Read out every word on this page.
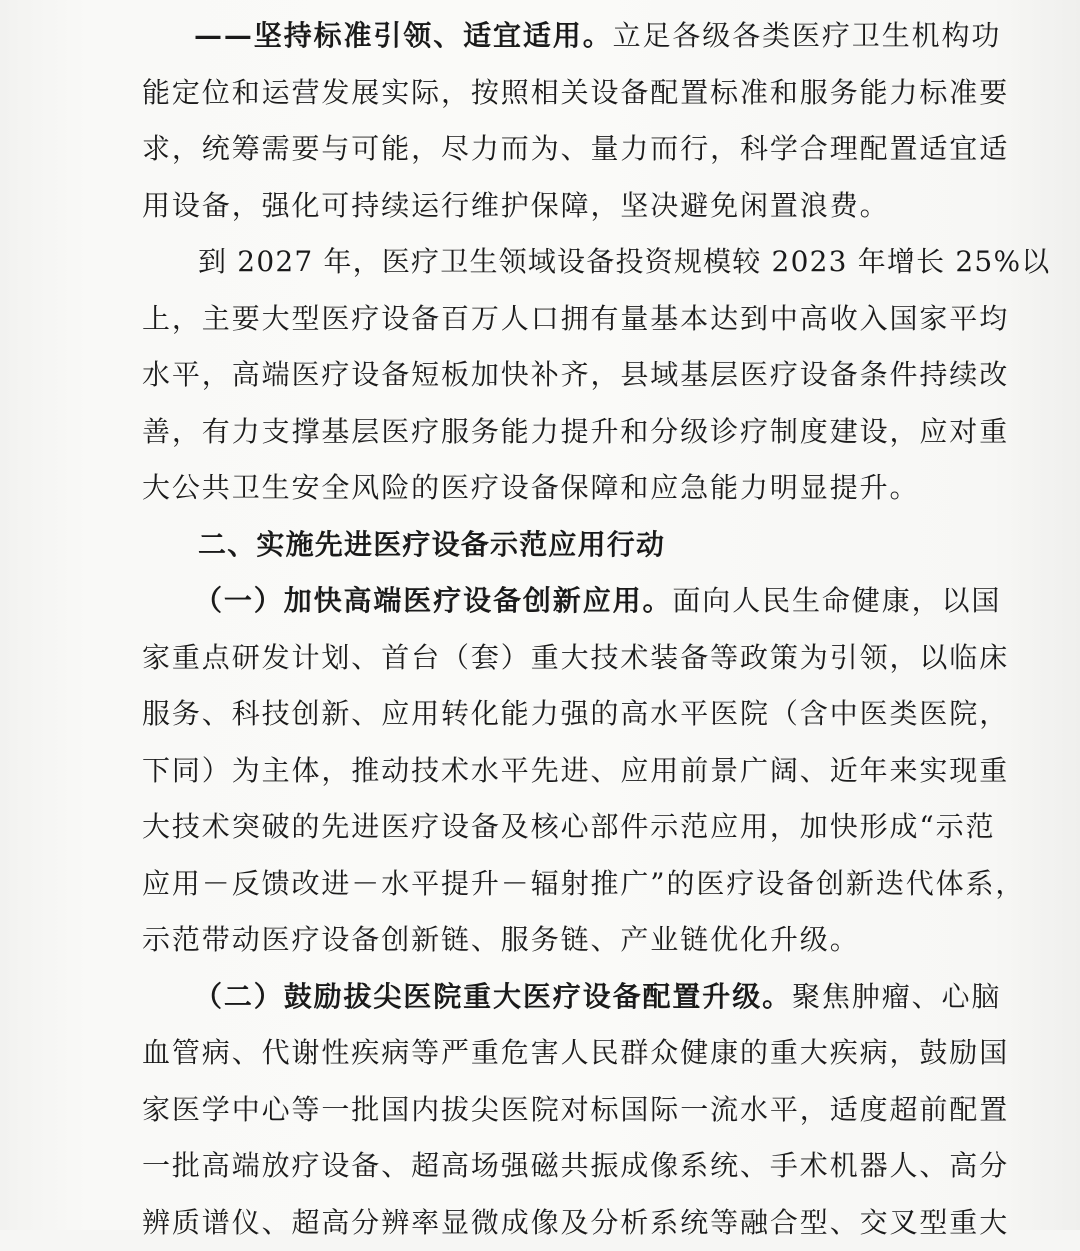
——坚持标准引领、适宜适用。立足各级各类医疗卫生机构功
能定位和运营发展实际，按照相关设备配置标准和服务能力标准要
求，统筹需要与可能，尽力而为、量力而行，科学合理配置适宜适
用设备，强化可持续运行维护保障，坚决避免闲置浪费。
到 2027 年，医疗卫生领域设备投资规模较 2023 年增长 25%以
上，主要大型医疗设备百万人口拥有量基本达到中高收入国家平均
水平，高端医疗设备短板加快补齐，县域基层医疗设备条件持续改
善，有力支撑基层医疗服务能力提升和分级诊疗制度建设，应对重
大公共卫生安全风险的医疗设备保障和应急能力明显提升。
二、实施先进医疗设备示范应用行动
（一）加快高端医疗设备创新应用。面向人民生命健康，以国
家重点研发计划、首台（套）重大技术装备等政策为引领，以临床
服务、科技创新、应用转化能力强的高水平医院（含中医类医院，
下同）为主体，推动技术水平先进、应用前景广阔、近年来实现重
大技术突破的先进医疗设备及核心部件示范应用，加快形成“示范
应用－反馈改进－水平提升－辐射推广”的医疗设备创新迭代体系，
示范带动医疗设备创新链、服务链、产业链优化升级。
（二）鼓励拔尖医院重大医疗设备配置升级。聚焦肿瘤、心脑
血管病、代谢性疾病等严重危害人民群众健康的重大疾病，鼓励国
家医学中心等一批国内拔尖医院对标国际一流水平，适度超前配置
一批高端放疗设备、超高场强磁共振成像系统、手术机器人、高分
辨质谱仪、超高分辨率显微成像及分析系统等融合型、交叉型重大
